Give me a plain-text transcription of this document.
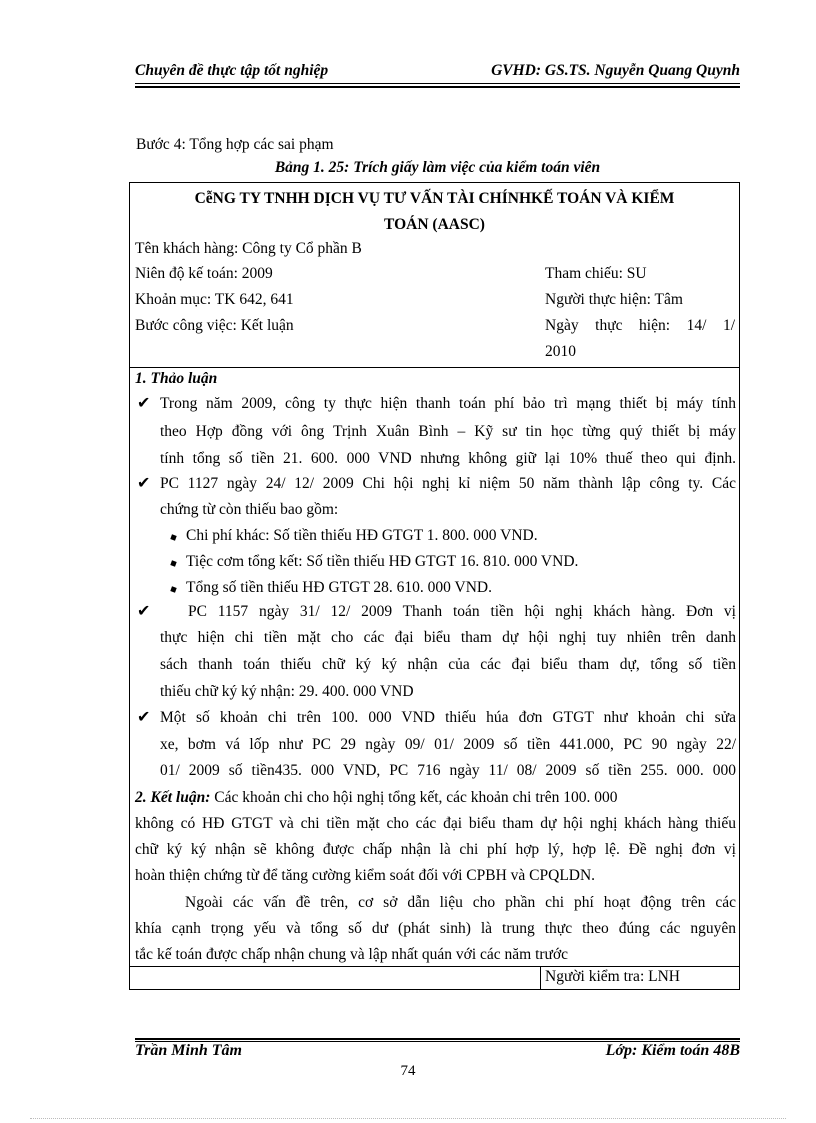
Chuyên đề thực tập tốt nghiệp	GVHD: GS.TS. Nguyễn Quang Quynh
Bước 4: Tổng hợp các sai phạm
Bảng 1. 25: Trích giấy làm việc của kiểm toán viên
CễNG TY TNHH DỊCH VỤ TƯ VẤN TÀI CHÍNHKẾ TOÁN VÀ KIỂM
TOÁN (AASC)
Tên khách hàng: Công ty Cổ phần B
Niên độ kế toán: 2009
Khoản mục: TK 642, 641
Bước công việc: Kết luận
Tham chiếu: SU
Người thực hiện: Tâm
Ngày thực hiện: 14/ 1/
2010
1. Thảo luận
✔ Trong năm 2009, công ty thực hiện thanh toán phí bảo trì mạng thiết bị máy tính
theo Hợp đồng với ông Trịnh Xuân Bình – Kỹ sư tin học từng quý thiết bị máy
tính tổng số tiền 21. 600. 000 VND nhưng không giữ lại 10% thuế theo qui định.
✔ PC 1127 ngày 24/ 12/ 2009 Chi hội nghị kỉ niệm 50 năm thành lập công ty. Các
chứng từ còn thiếu bao gồm:
Chi phí khác: Số tiền thiếu HĐ GTGT 1. 800. 000 VND.
Tiệc cơm tổng kết: Số tiền thiếu HĐ GTGT 16. 810. 000 VND.
Tổng số tiền thiếu HĐ GTGT 28. 610. 000 VND.
✔ PC 1157 ngày 31/ 12/ 2009 Thanh toán tiền hội nghị khách hàng. Đơn vị
thực hiện chi tiền mặt cho các đại biểu tham dự hội nghị tuy nhiên trên danh
sách thanh toán thiếu chữ ký ký nhận của các đại biểu tham dự, tổng số tiền
thiếu chữ ký ký nhận: 29. 400. 000 VND
✔ Một số khoản chi trên 100. 000 VND thiếu húa đơn GTGT như khoản chi sửa
xe, bơm vá lốp như PC 29 ngày 09/ 01/ 2009 số tiền 441.000, PC 90 ngày 22/
01/ 2009 số tiền435. 000 VND, PC 716 ngày 11/ 08/ 2009 số tiền 255. 000. 000
2. Kết luận: Các khoản chi cho hội nghị tổng kết, các khoản chi trên 100. 000
không có HĐ GTGT và chi tiền mặt cho các đại biểu tham dự hội nghị khách hàng thiếu
chữ ký ký nhận sẽ không được chấp nhận là chi phí hợp lý, hợp lệ. Đề nghị đơn vị
hoàn thiện chứng từ để tăng cường kiểm soát đối với CPBH và CPQLDN.
Ngoài các vấn đề trên, cơ sở dẫn liệu cho phần chi phí hoạt động trên các
khía cạnh trọng yếu và tổng số dư (phát sinh) là trung thực theo đúng các nguyên
tắc kế toán được chấp nhận chung và lập nhất quán với các năm trước
Người kiểm tra: LNH
Trần Minh Tâm	Lớp: Kiểm toán 48B
74
